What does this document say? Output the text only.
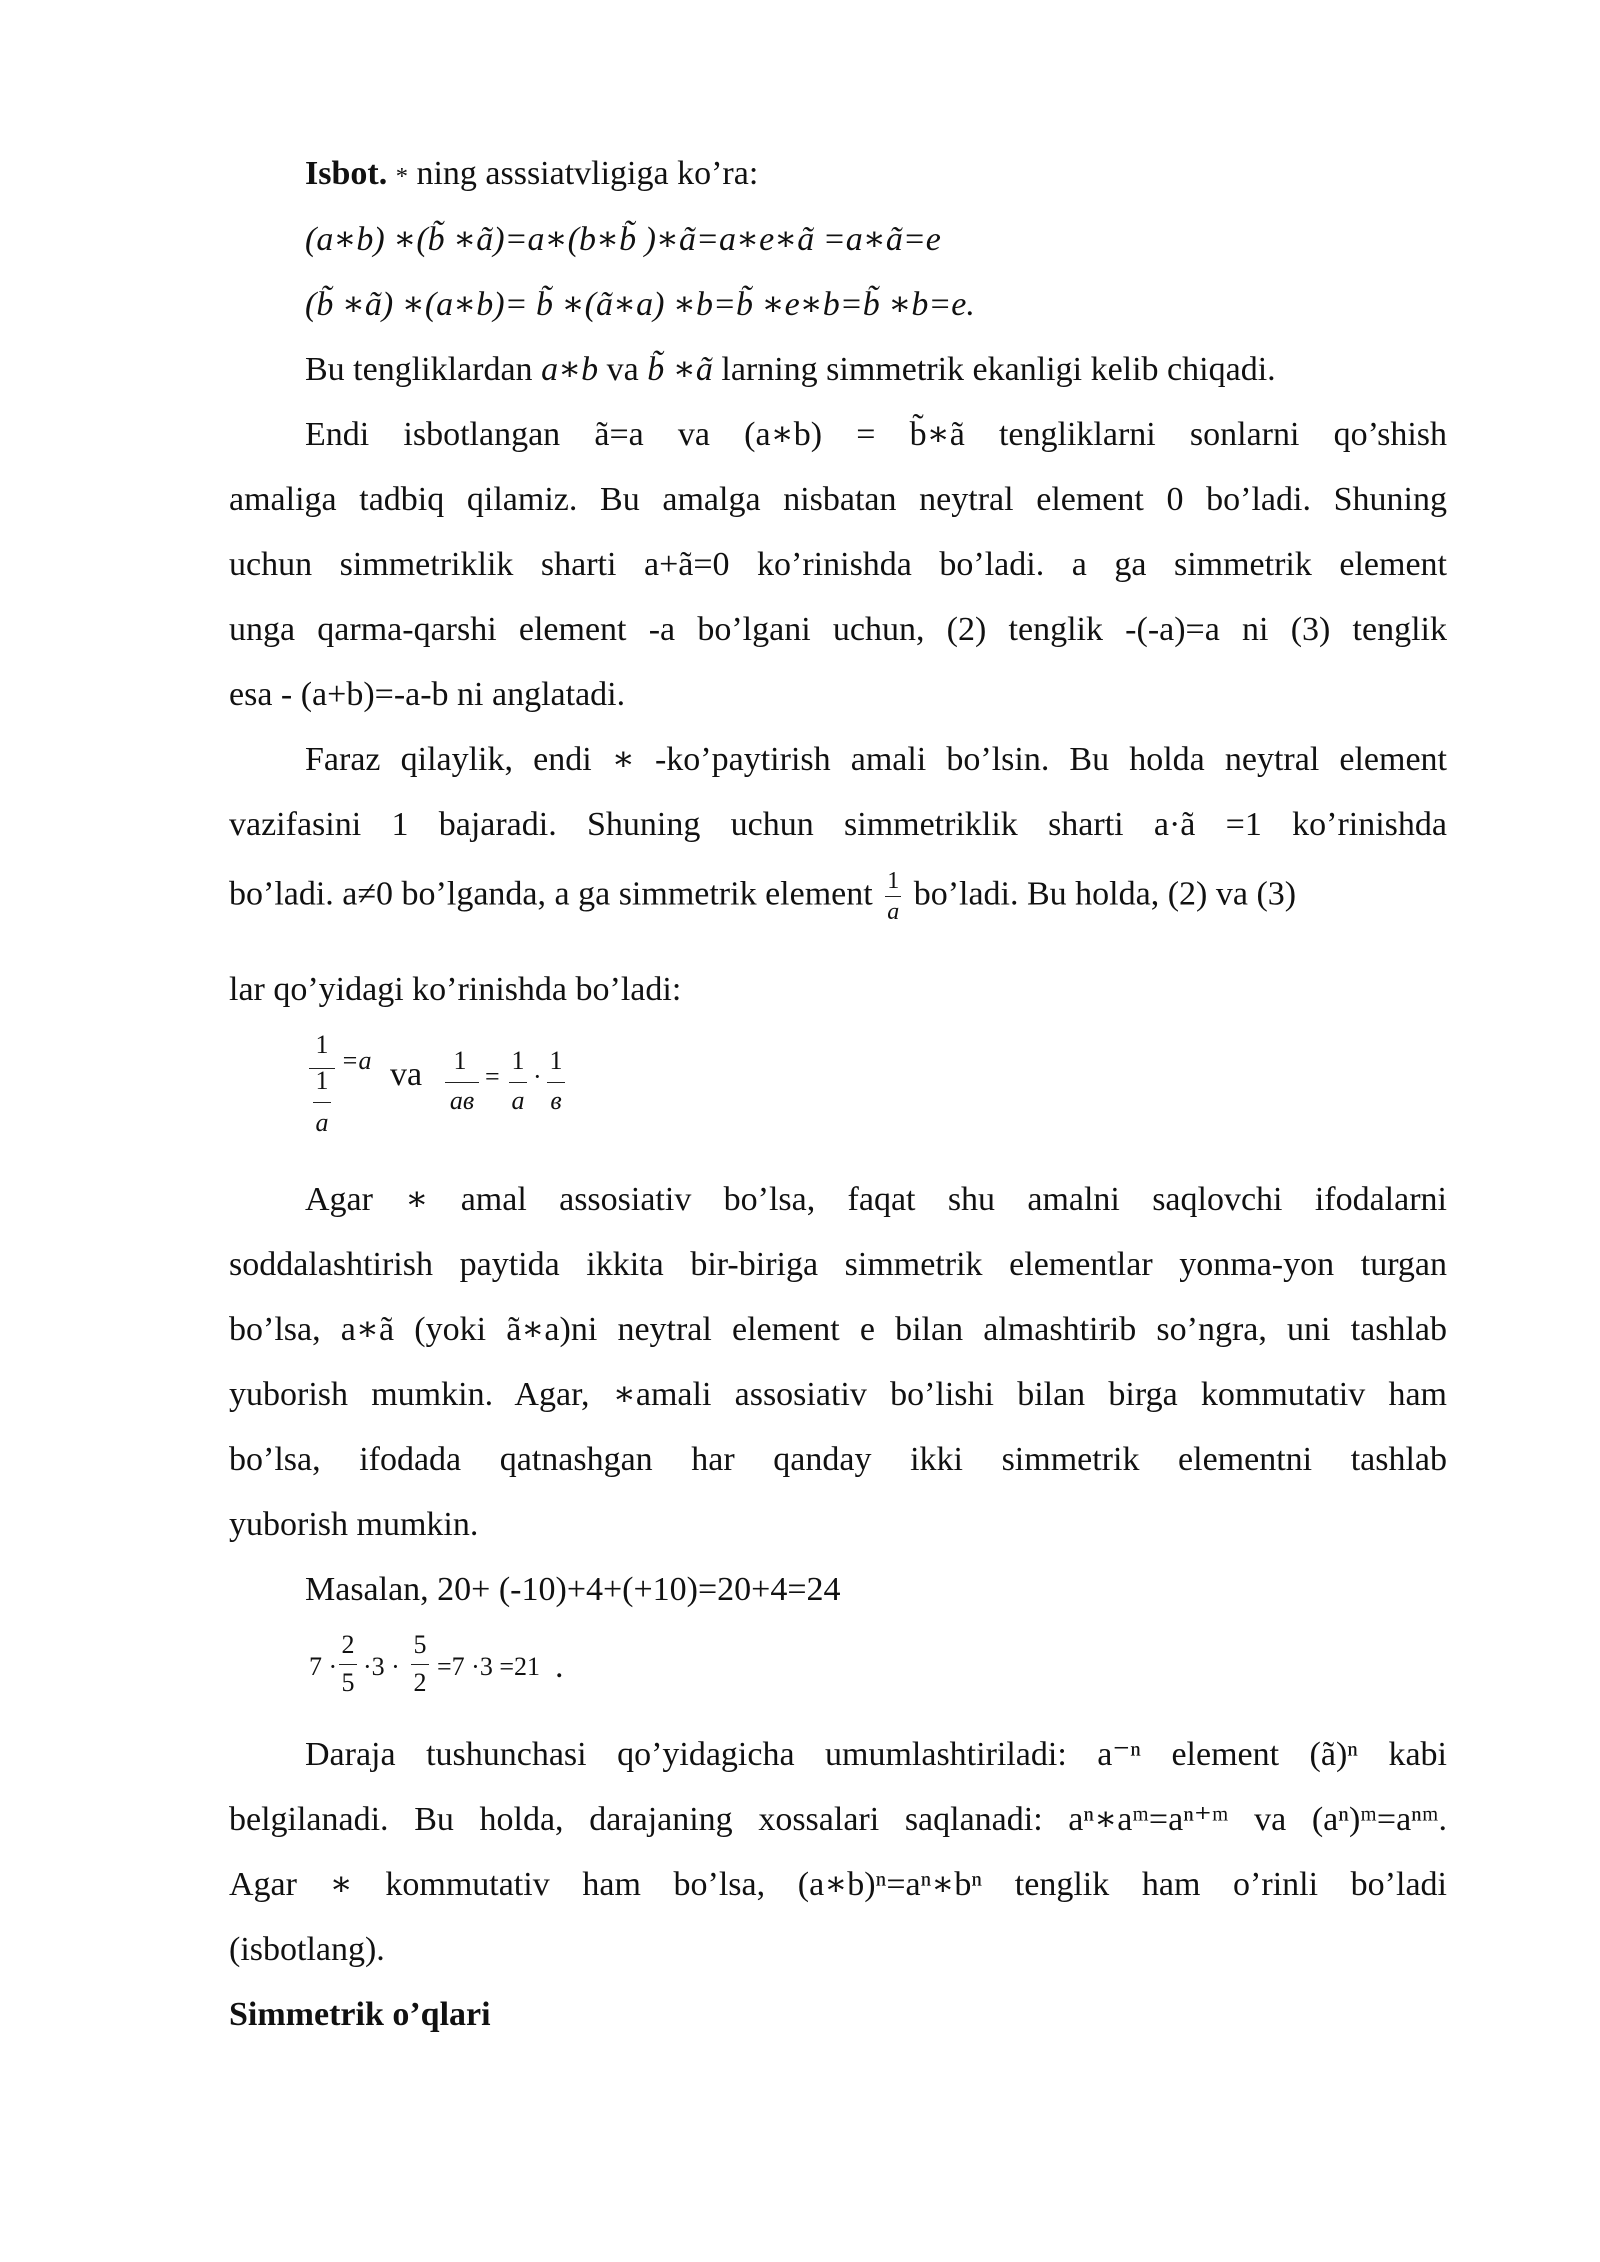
Isbot. * ning asssiatvligiga ko’ra:
(a∗b) ∗(b̃ ∗ã)=a∗(b∗b̃ )∗ã=a∗e∗ã =a∗ã=e
(b̃ ∗ã) ∗(a∗b)= b̃ ∗(ã∗a) ∗b=b̃ ∗e∗b=b̃ ∗b=e.
Bu tengliklardan a∗b va b̃ ∗ã larning simmetrik ekanligi kelib chiqadi.
Endi isbotlangan ã=a va (a∗b) = b̃∗ã tengliklarni sonlarni qo’shish
amaliga tadbiq qilamiz. Bu amalga nisbatan neytral element 0 bo’ladi. Shuning
uchun simmetriklik sharti a+ã=0 ko’rinishda bo’ladi. a ga simmetrik element
unga qarma-qarshi element -a bo’lgani uchun, (2) tenglik -(-a)=a ni (3) tenglik
esa - (a+b)=-a-b ni anglatadi.
Faraz qilaylik, endi ∗ -ko’paytirish amali bo’lsin. Bu holda neytral element
vazifasini 1 bajaradi. Shuning uchun simmetriklik sharti a·ã =1 ko’rinishda
bo’ladi. a≠0 bo’lganda, a ga simmetrik element $\frac{1}{a}$ bo’ladi. Bu holda, (2) va (3)
lar qo’yidagi ko’rinishda bo’ladi:
1
1
a
=a va	1
aв
=
1
a
·
1
в
Agar ∗ amal assosiativ bo’lsa, faqat shu amalni saqlovchi ifodalarni
soddalashtirish paytida ikkita bir-biriga simmetrik elementlar yonma-yon turgan
bo’lsa, a∗ã (yoki ã∗a)ni neytral element e bilan almashtirib so’ngra, uni tashlab
yuborish mumkin. Agar, ∗amali assosiativ bo’lishi bilan birga kommutativ ham
bo’lsa, ifodada qatnashgan har qanday ikki simmetrik elementni tashlab
yuborish mumkin.
Masalan, 20+ (-10)+4+(+10)=20+4=24
7 ·
2
5
·3 ·
5
2
=7 ·3 =21 .
Daraja tushunchasi qo’yidagicha umumlashtiriladi: a⁻ⁿ element (ã)ⁿ kabi
belgilanadi. Bu holda, darajaning xossalari saqlanadi: aⁿ∗aᵐ=aⁿ⁺ᵐ va (aⁿ)ᵐ=aⁿᵐ.
Agar ∗ kommutativ ham bo’lsa, (a∗b)ⁿ=aⁿ∗bⁿ tenglik ham o’rinli bo’ladi
(isbotlang).
Simmetrik o’qlari
